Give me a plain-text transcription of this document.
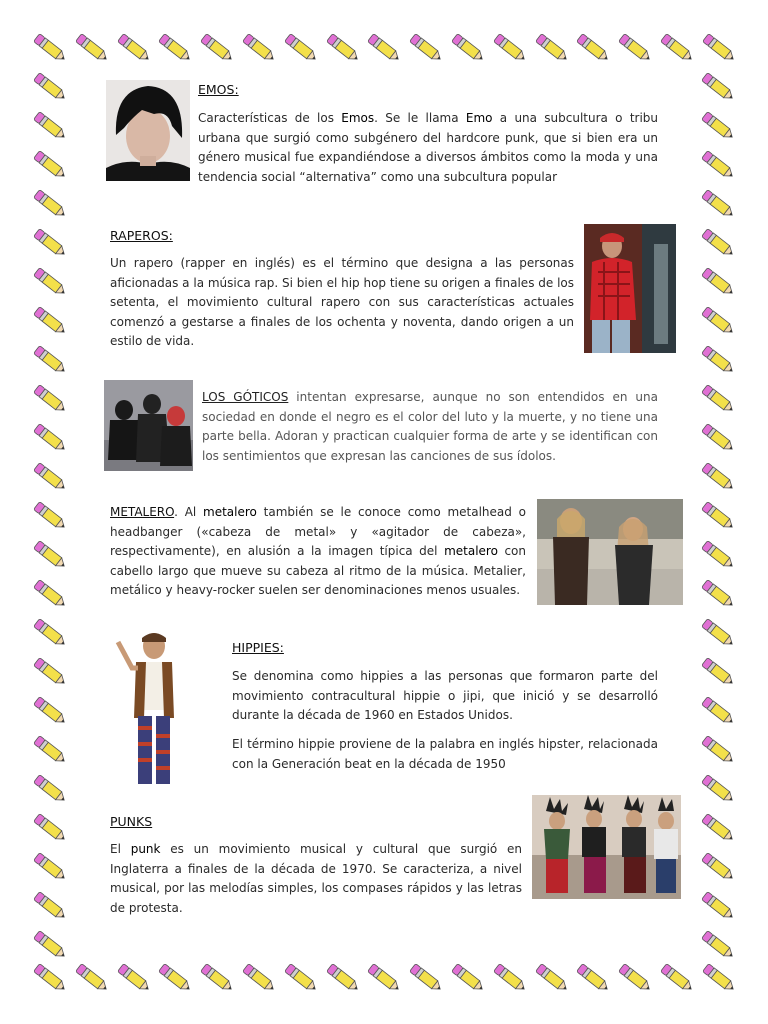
EMOS:

Características de los Emos. Se le llama Emo a una subcultura o tribu urbana que surgió como subgénero del hardcore punk, que si bien era un género musical fue expandiéndose a diversos ámbitos como la moda y una tendencia social “alternativa” como una subcultura popular

RAPEROS:

Un rapero (rapper en inglés) es el término que designa a las personas aficionadas a la música rap. Si bien el hip hop tiene su origen a finales de los setenta, el movimiento cultural rapero con sus características actuales comenzó a gestarse a finales de los ochenta y noventa, dando origen a un estilo de vida.

LOS GÓTICOS intentan expresarse, aunque no son entendidos en una sociedad en donde el negro es el color del luto y la muerte, y no tiene una parte bella. Adoran y practican cualquier forma de arte y se identifican con los sentimientos que expresan las canciones de sus ídolos.

METALERO. Al metalero también se le conoce como metalhead o headbanger («cabeza de metal» y «agitador de cabeza», respectivamente), en alusión a la imagen típica del metalero con cabello largo que mueve su cabeza al ritmo de la música. Metalier, metálico y heavy-rocker suelen ser denominaciones menos usuales.

HIPPIES:

Se denomina como hippies a las personas que formaron parte del movimiento contracultural hippie o jipi, que inició y se desarrolló durante la década de 1960 en Estados Unidos.

El término hippie proviene de la palabra en inglés hipster, relacionada con la Generación beat en la década de 1950

PUNKS

El punk es un movimiento musical y cultural que surgió en Inglaterra a finales de la década de 1970. Se caracteriza, a nivel musical, por las melodías simples, los compases rápidos y las letras de protesta.
